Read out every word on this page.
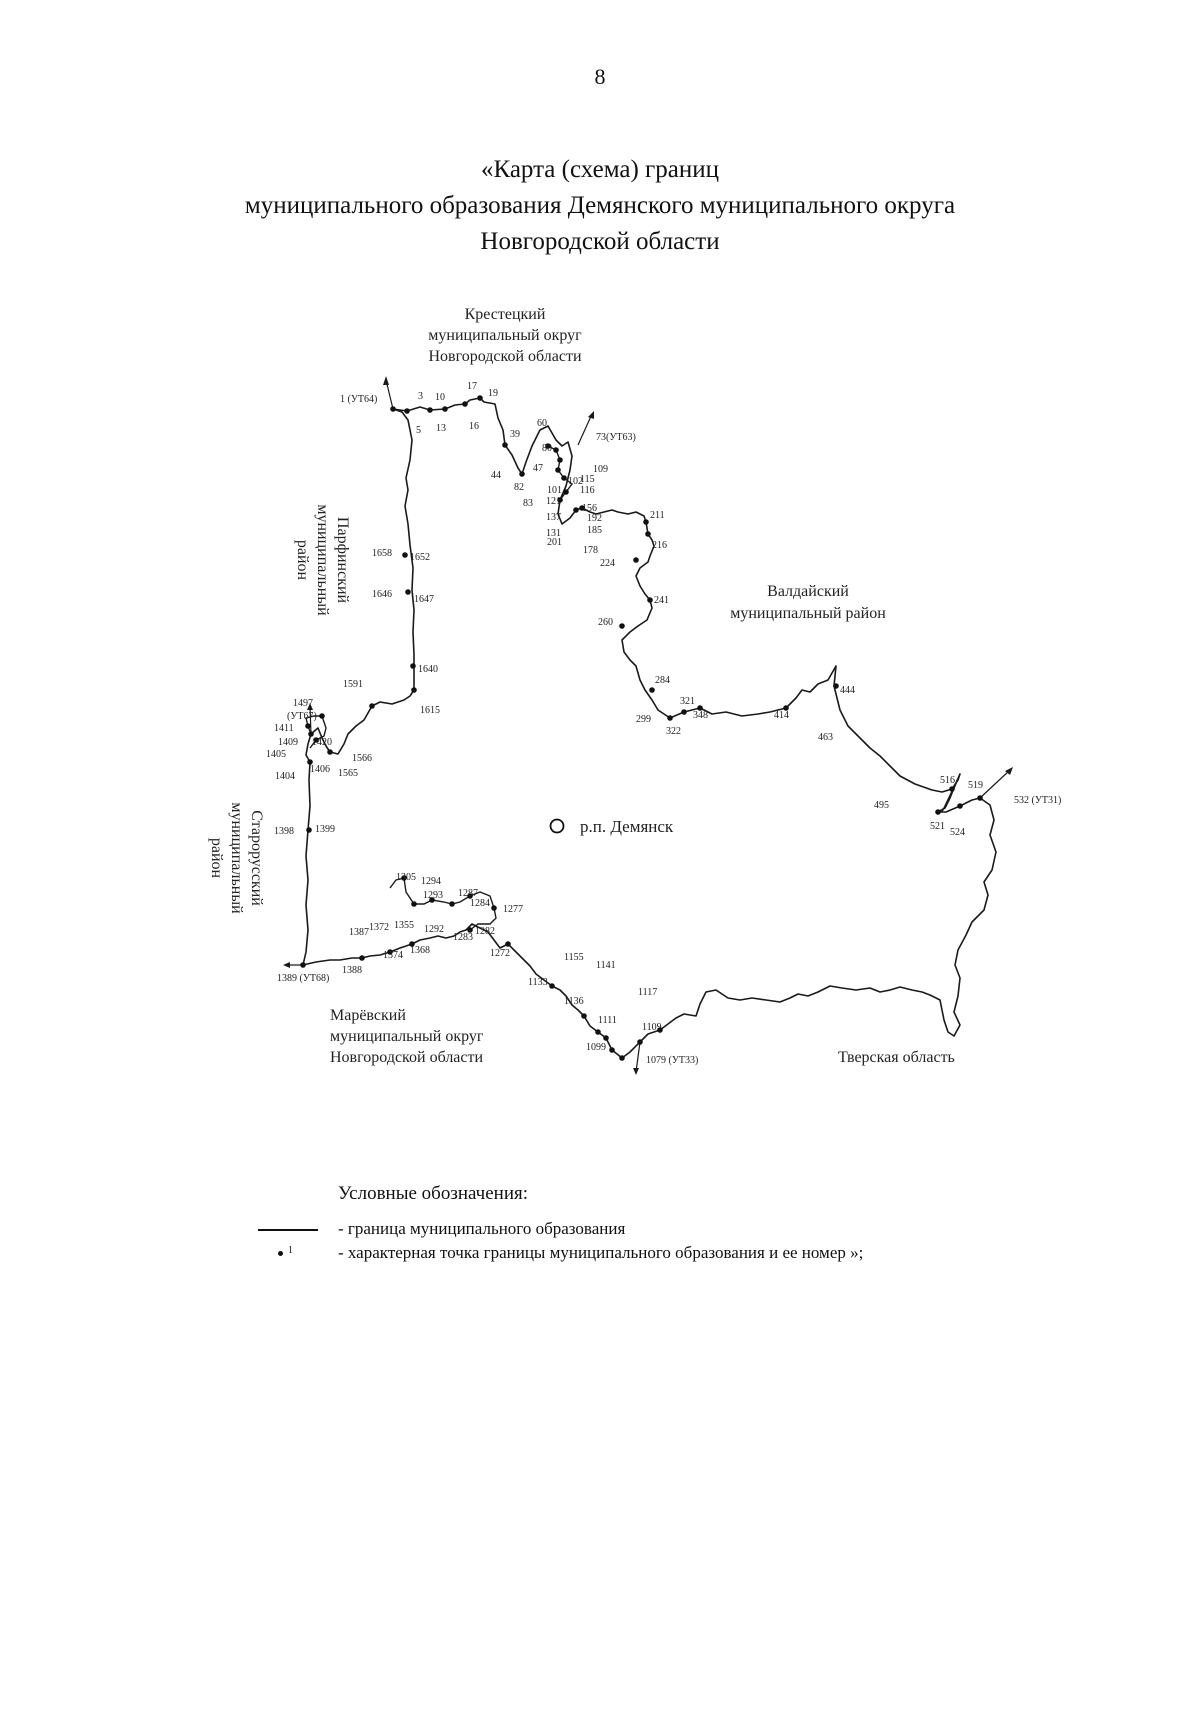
8
«Карта (схема) границ
муниципального образования Демянского муниципального округа
Новгородской области
р.п. Демянск
Крестецкий
муниципальный округ
Новгородской области
Парфинский
муниципальный
район
Старорусский
муниципальный
район
Валдайский
муниципальный район
Марёвский
муниципальный округ
Новгородской области	Тверская область
1 (УТ64)	3
5
10
13 16
17
19
39
44
47
60
80
82
83
73(УТ63)
101
102
109
115
116
121
131
137
156
178
185
192
201
211
216
224
241
260
284
299
321
322
348	414
444
463
495
516 519
521
524
532 (УТ31)
1658 1652
1646 1647
1640
1615
1591
1497
(УТ67)
1411
1409 1420
1405
1406
1404
1566
1565
1398 1399
1389 (УТ68)
1388
1387 1372
1374 1368
1355
1305 1294
1293
1292
1287
1284
1283
1282
1277
1272	1155
1141
1133
1136
1117
1111
1109
1099
1079 (УТ33)
Условные обозначения:
- граница муниципального образования
1	- характерная точка границы муниципального образования и ее номер »;
